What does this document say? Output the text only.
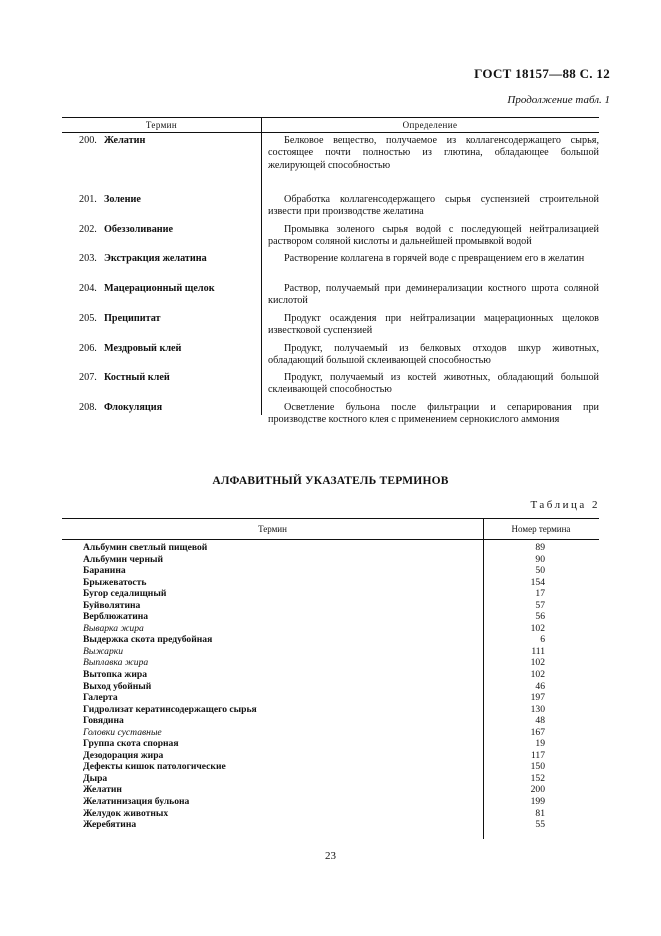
ГОСТ 18157—88 С. 12
Продолжение табл. 1
Термин	Определение
200. Желатин	Белковое вещество, получаемое из коллагенсодержащего сырья, состоящее почти полностью из глютина, обладающее большой желирующей способностью
201. Золение	Обработка коллагенсодержащего сырья суспензией строительной извести при производстве желатина
202. Обеззоливание	Промывка золеного сырья водой с последующей нейтрализацией раствором соляной кислоты и дальнейшей промывкой водой
203. Экстракция желатина	Растворение коллагена в горячей воде с превращением его в желатин
204. Мацерационный щелок	Раствор, получаемый при деминерализации костного шрота соляной кислотой
205. Преципитат	Продукт осаждения при нейтрализации мацерационных щелоков известковой суспензией
206. Мездровый клей	Продукт, получаемый из белковых отходов шкур животных, обладающий большой склеивающей способностью
207. Костный клей	Продукт, получаемый из костей животных, обладающий большой склеивающей способностью
208. Флокуляция	Осветление бульона после фильтрации и сепарирования при производстве костного клея с применением сернокислого аммония
АЛФАВИТНЫЙ УКАЗАТЕЛЬ ТЕРМИНОВ
Таблица 2
Термин	Номер термина
Альбумин светлый пищевой	89
Альбумин черный	90
Баранина	50
Брыжеватость	154
Бугор седалищный	17
Буйволятина	57
Верблюжатина	56
Выварка жира	102
Выдержка скота предубойная	6
Выжарки	111
Выплавка жира	102
Вытопка жира	102
Выход убойный	46
Галерта	197
Гидролизат кератинсодержащего сырья	130
Говядина	48
Головки суставные	167
Группа скота спорная	19
Дезодорация жира	117
Дефекты кишок патологические	150
Дыра	152
Желатин	200
Желатинизация бульона	199
Желудок животных	81
Жеребятина	55
23
